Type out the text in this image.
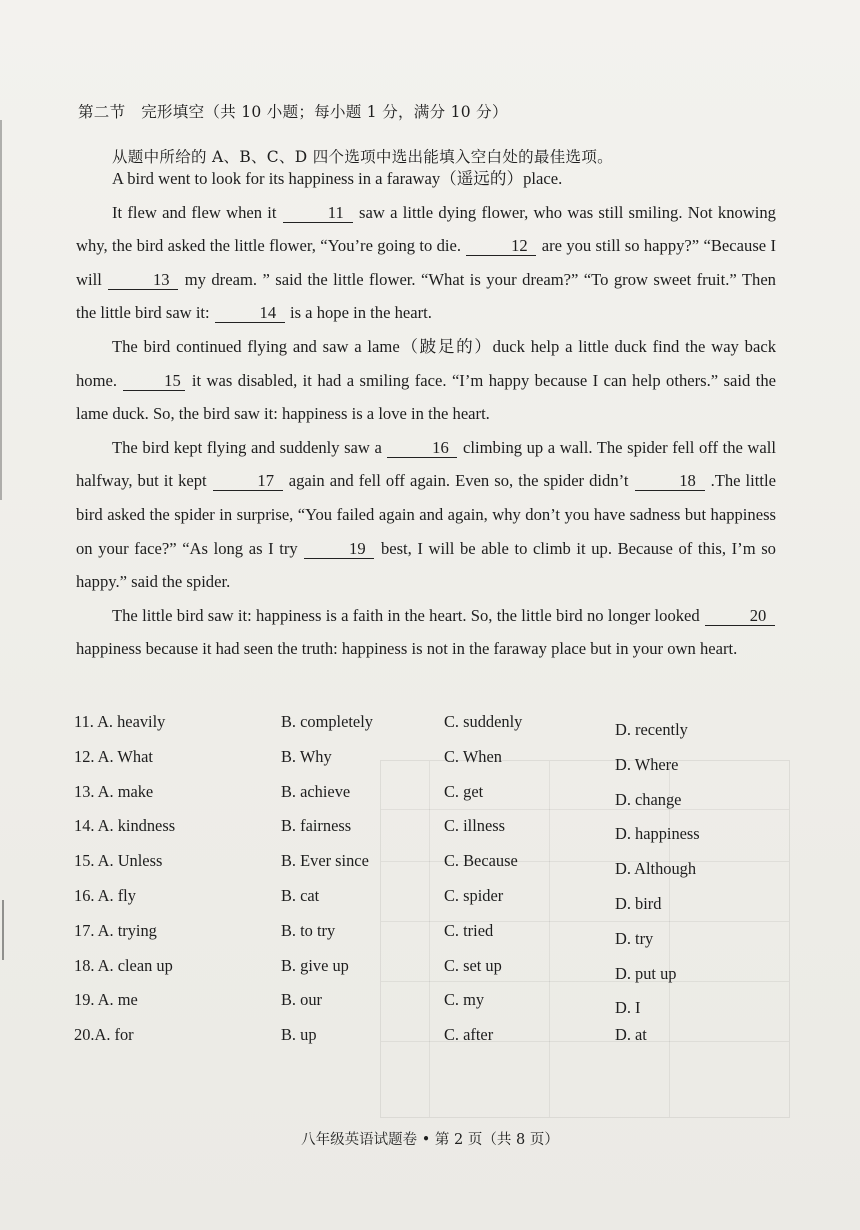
第二节　完形填空（共 10 小题；每小题 1 分，满分 10 分）
从题中所给的 A、B、C、D 四个选项中选出能填入空白处的最佳选项。

A bird went to look for its happiness in a faraway（遥远的）place.

It flew and flew when it	11 saw a little dying flower, who was still smiling. Not knowing why, the bird asked the little flower, “You’re going to die.	12 are you still so happy?” “Because I will	13 my dream. ” said the little flower. “What is your dream?” “To grow sweet fruit.” Then the little bird saw it:	14 is a hope in the heart.

The bird continued flying and saw a lame（跛足的）duck help a little duck find the way back home.	15 it was disabled, it had a smiling face. “I’m happy because I can help others.” said the lame duck. So, the bird saw it: happiness is a love in the heart.

The bird kept flying and suddenly saw a	16 climbing up a wall. The spider fell off the wall halfway, but it kept	17 again and fell off again. Even so, the spider didn’t	18 .The little bird asked the spider in surprise, “You failed again and again, why don’t you have sadness but happiness on your face?” “As long as I try	19 best, I will be able to climb it up. Because of this, I’m so happy.” said the spider.

The little bird saw it: happiness is a faith in the heart. So, the little bird no longer looked	20 happiness because it had seen the truth: happiness is not in the faraway place but in your own heart.

11. A. heavily	B. completely	C. suddenly	D. recently
12. A. What	B. Why	C. When	D. Where
13. A. make	B. achieve	C. get	D. change
14. A. kindness	B. fairness	C. illness	D. happiness
15. A. Unless	B. Ever since	C. Because	D. Although
16. A. fly	B. cat	C. spider	D. bird
17. A. trying	B. to try	C. tried	D. try
18. A. clean up	B. give up	C. set up	D. put up
19. A. me	B. our	C. my	D. I
20.A. for	B. up	C. after	D. at
八年级英语试题卷 • 第 2 页（共 8 页）
